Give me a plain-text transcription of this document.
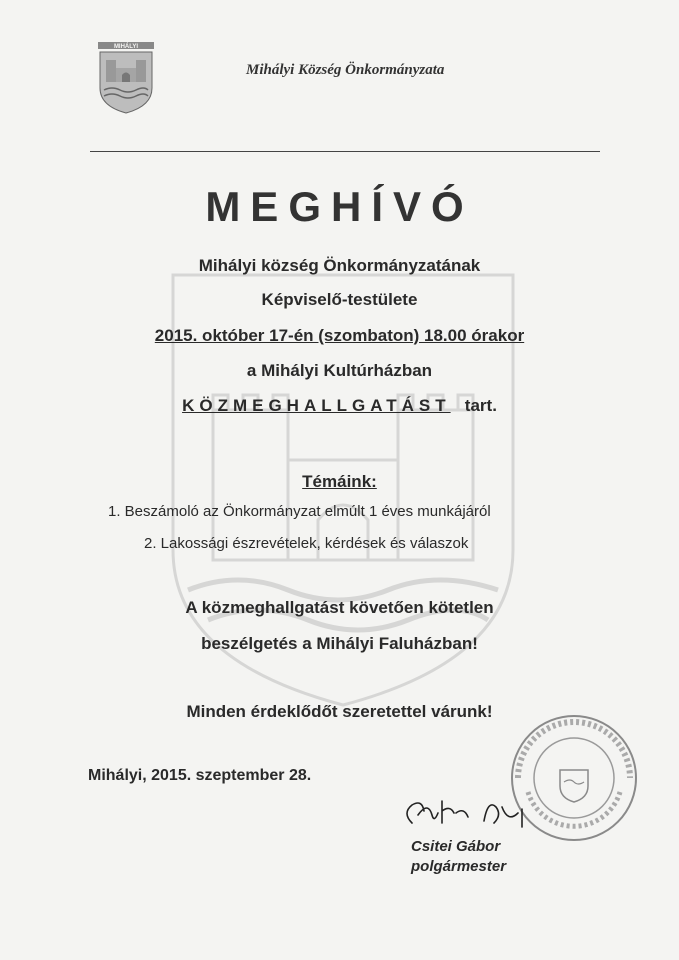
MIHÁLYI
Mihályi Község Önkormányzata
MEGHÍVÓ
Mihályi község Önkormányzatának
Képviselő-testülete
2015. október 17-én (szombaton) 18.00 órakor
a Mihályi Kultúrházban
KÖZMEGHALLGATÁST tart.
Témáink:
1. Beszámoló az Önkormányzat elmúlt 1 éves munkájáról
2. Lakossági észrevételek, kérdések és válaszok
A közmeghallgatást követően kötetlen
beszélgetés a Mihályi Faluházban!
Minden érdeklődőt szeretettel várunk!
Mihályi, 2015. szeptember 28.
Csitei Gábor
polgármester
